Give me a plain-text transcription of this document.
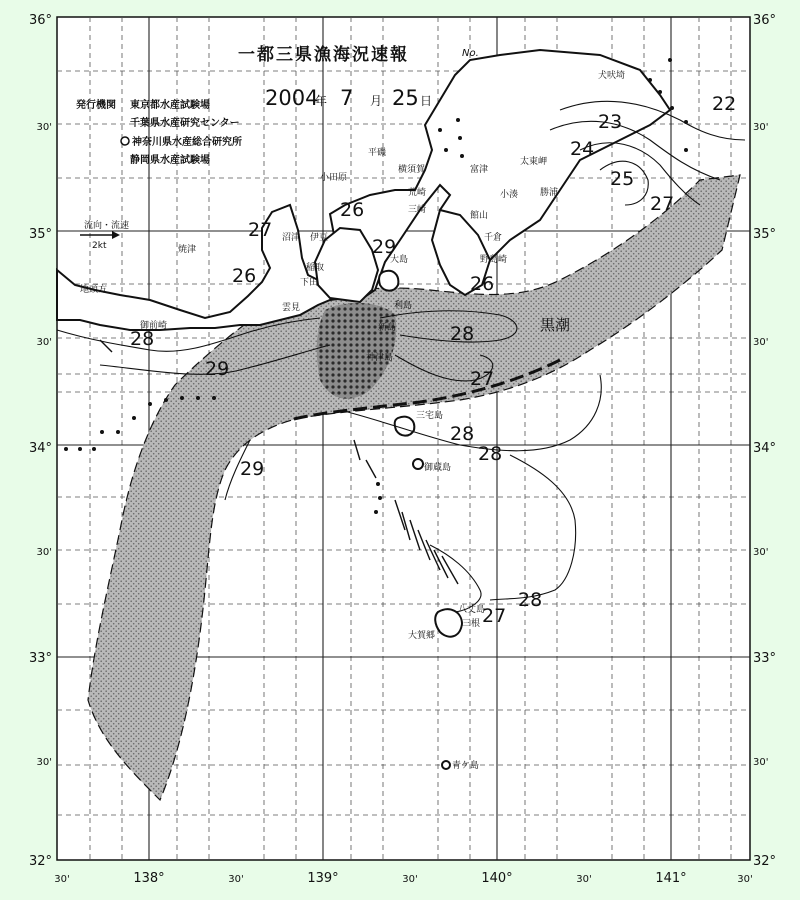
流向・流速
2kt
一都三県漁海況速報	No.
発行機関 東京都水産試験場
千葉県水産研究センター
神奈川県水産総合研究所
静岡県水産試験場
2004
年 7 月 25 日
黒潮
36°
30'
35°
30'
34°
30'
33°
30'
32°
36°
30'
35°
30'
34°
30'
33°
30'
32°
30'	138°	30'	139°	30'	140°	30'	141°	30'
22
23
24
25
27
27
26
26
26
29
28	28
27
29
28
28
27
29
28
犬吠埼
平磯
横須賀	富津
太東岬
小田原
荒崎
三崎
館山
勝浦
小湊
沼津 伊豆
稲取
下田
野島崎
千倉
焼津
雲見
御前崎
地頭方
利島
新島
神津島
三宅島
御蔵島
八丈島
三根
大賀郷
青ケ島
大島
